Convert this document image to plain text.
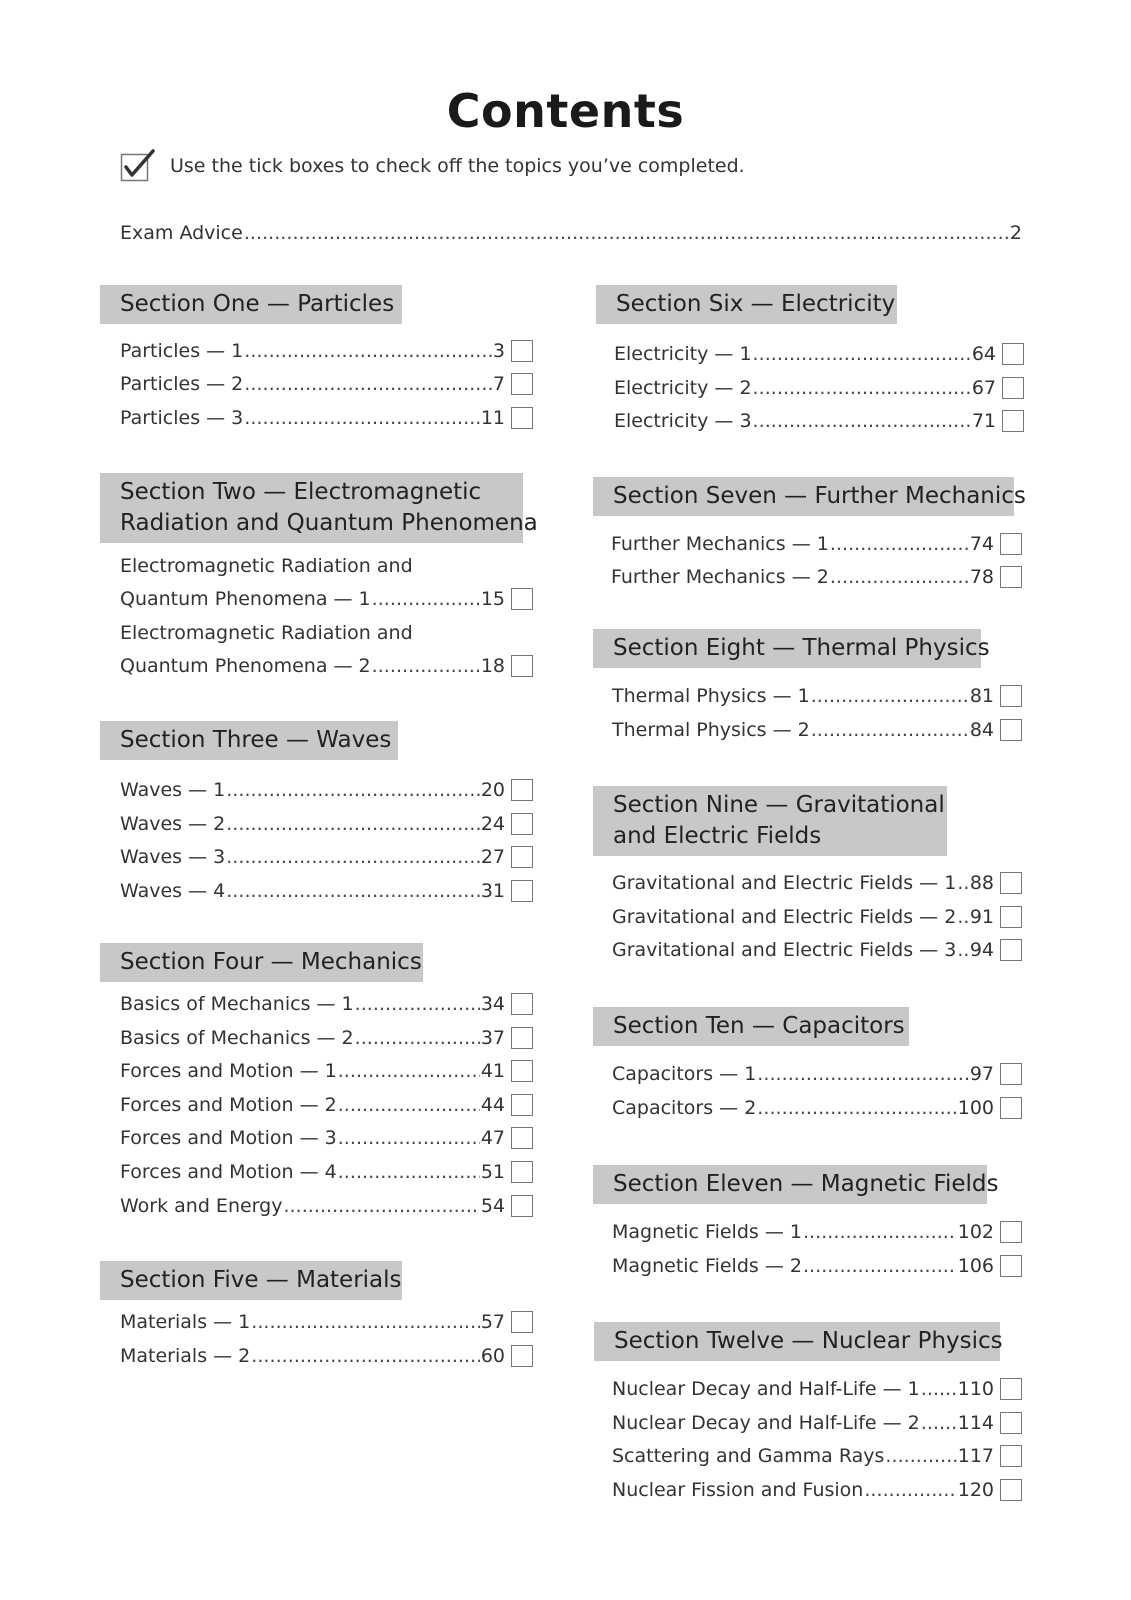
Contents
Use the tick boxes to check off the topics you’ve completed.
Exam Advice . . .	2
Section One — Particles
Particles — 1 . . .	3
Particles — 2 . . .	7
Particles — 3 . . .	11
Section Two — Electromagnetic
Radiation and Quantum Phenomena
Electromagnetic Radiation and
Quantum Phenomena — 1 . . .	15
Electromagnetic Radiation and
Quantum Phenomena — 2 . . .	18
Section Three — Waves
Waves — 1 . . .	20
Waves — 2 . . .	24
Waves — 3 . . .	27
Waves — 4 . . .	31
Section Four — Mechanics
Basics of Mechanics — 1 . . .	34
Basics of Mechanics — 2 . . .	37
Forces and Motion — 1 . . .	41
Forces and Motion — 2 . . .	44
Forces and Motion — 3 . . .	47
Forces and Motion — 4 . . .	51
Work and Energy . . .	54
Section Five — Materials
Materials — 1 . . .	57
Materials — 2 . . .	60
Section Six — Electricity
Electricity — 1 . . .	64
Electricity — 2 . . .	67
Electricity — 3 . . .	71
Section Seven — Further Mechanics
Further Mechanics — 1 . . .	74
Further Mechanics — 2 . . .	78
Section Eight — Thermal Physics
Thermal Physics — 1 . . .	81
Thermal Physics — 2 . . .	84
Section Nine — Gravitational
and Electric Fields
Gravitational and Electric Fields — 1 . . . 88
Gravitational and Electric Fields — 2 . . . 91
Gravitational and Electric Fields — 3 . . . 94
Section Ten — Capacitors
Capacitors — 1 . . .	97
Capacitors — 2 . . .	100
Section Eleven — Magnetic Fields
Magnetic Fields — 1 . . .	102
Magnetic Fields — 2 . . .	106
Section Twelve — Nuclear Physics
Nuclear Decay and Half-Life — 1 . . . 110
Nuclear Decay and Half-Life — 2 . . . 114
Scattering and Gamma Rays . . .	117
Nuclear Fission and Fusion . . .	120
